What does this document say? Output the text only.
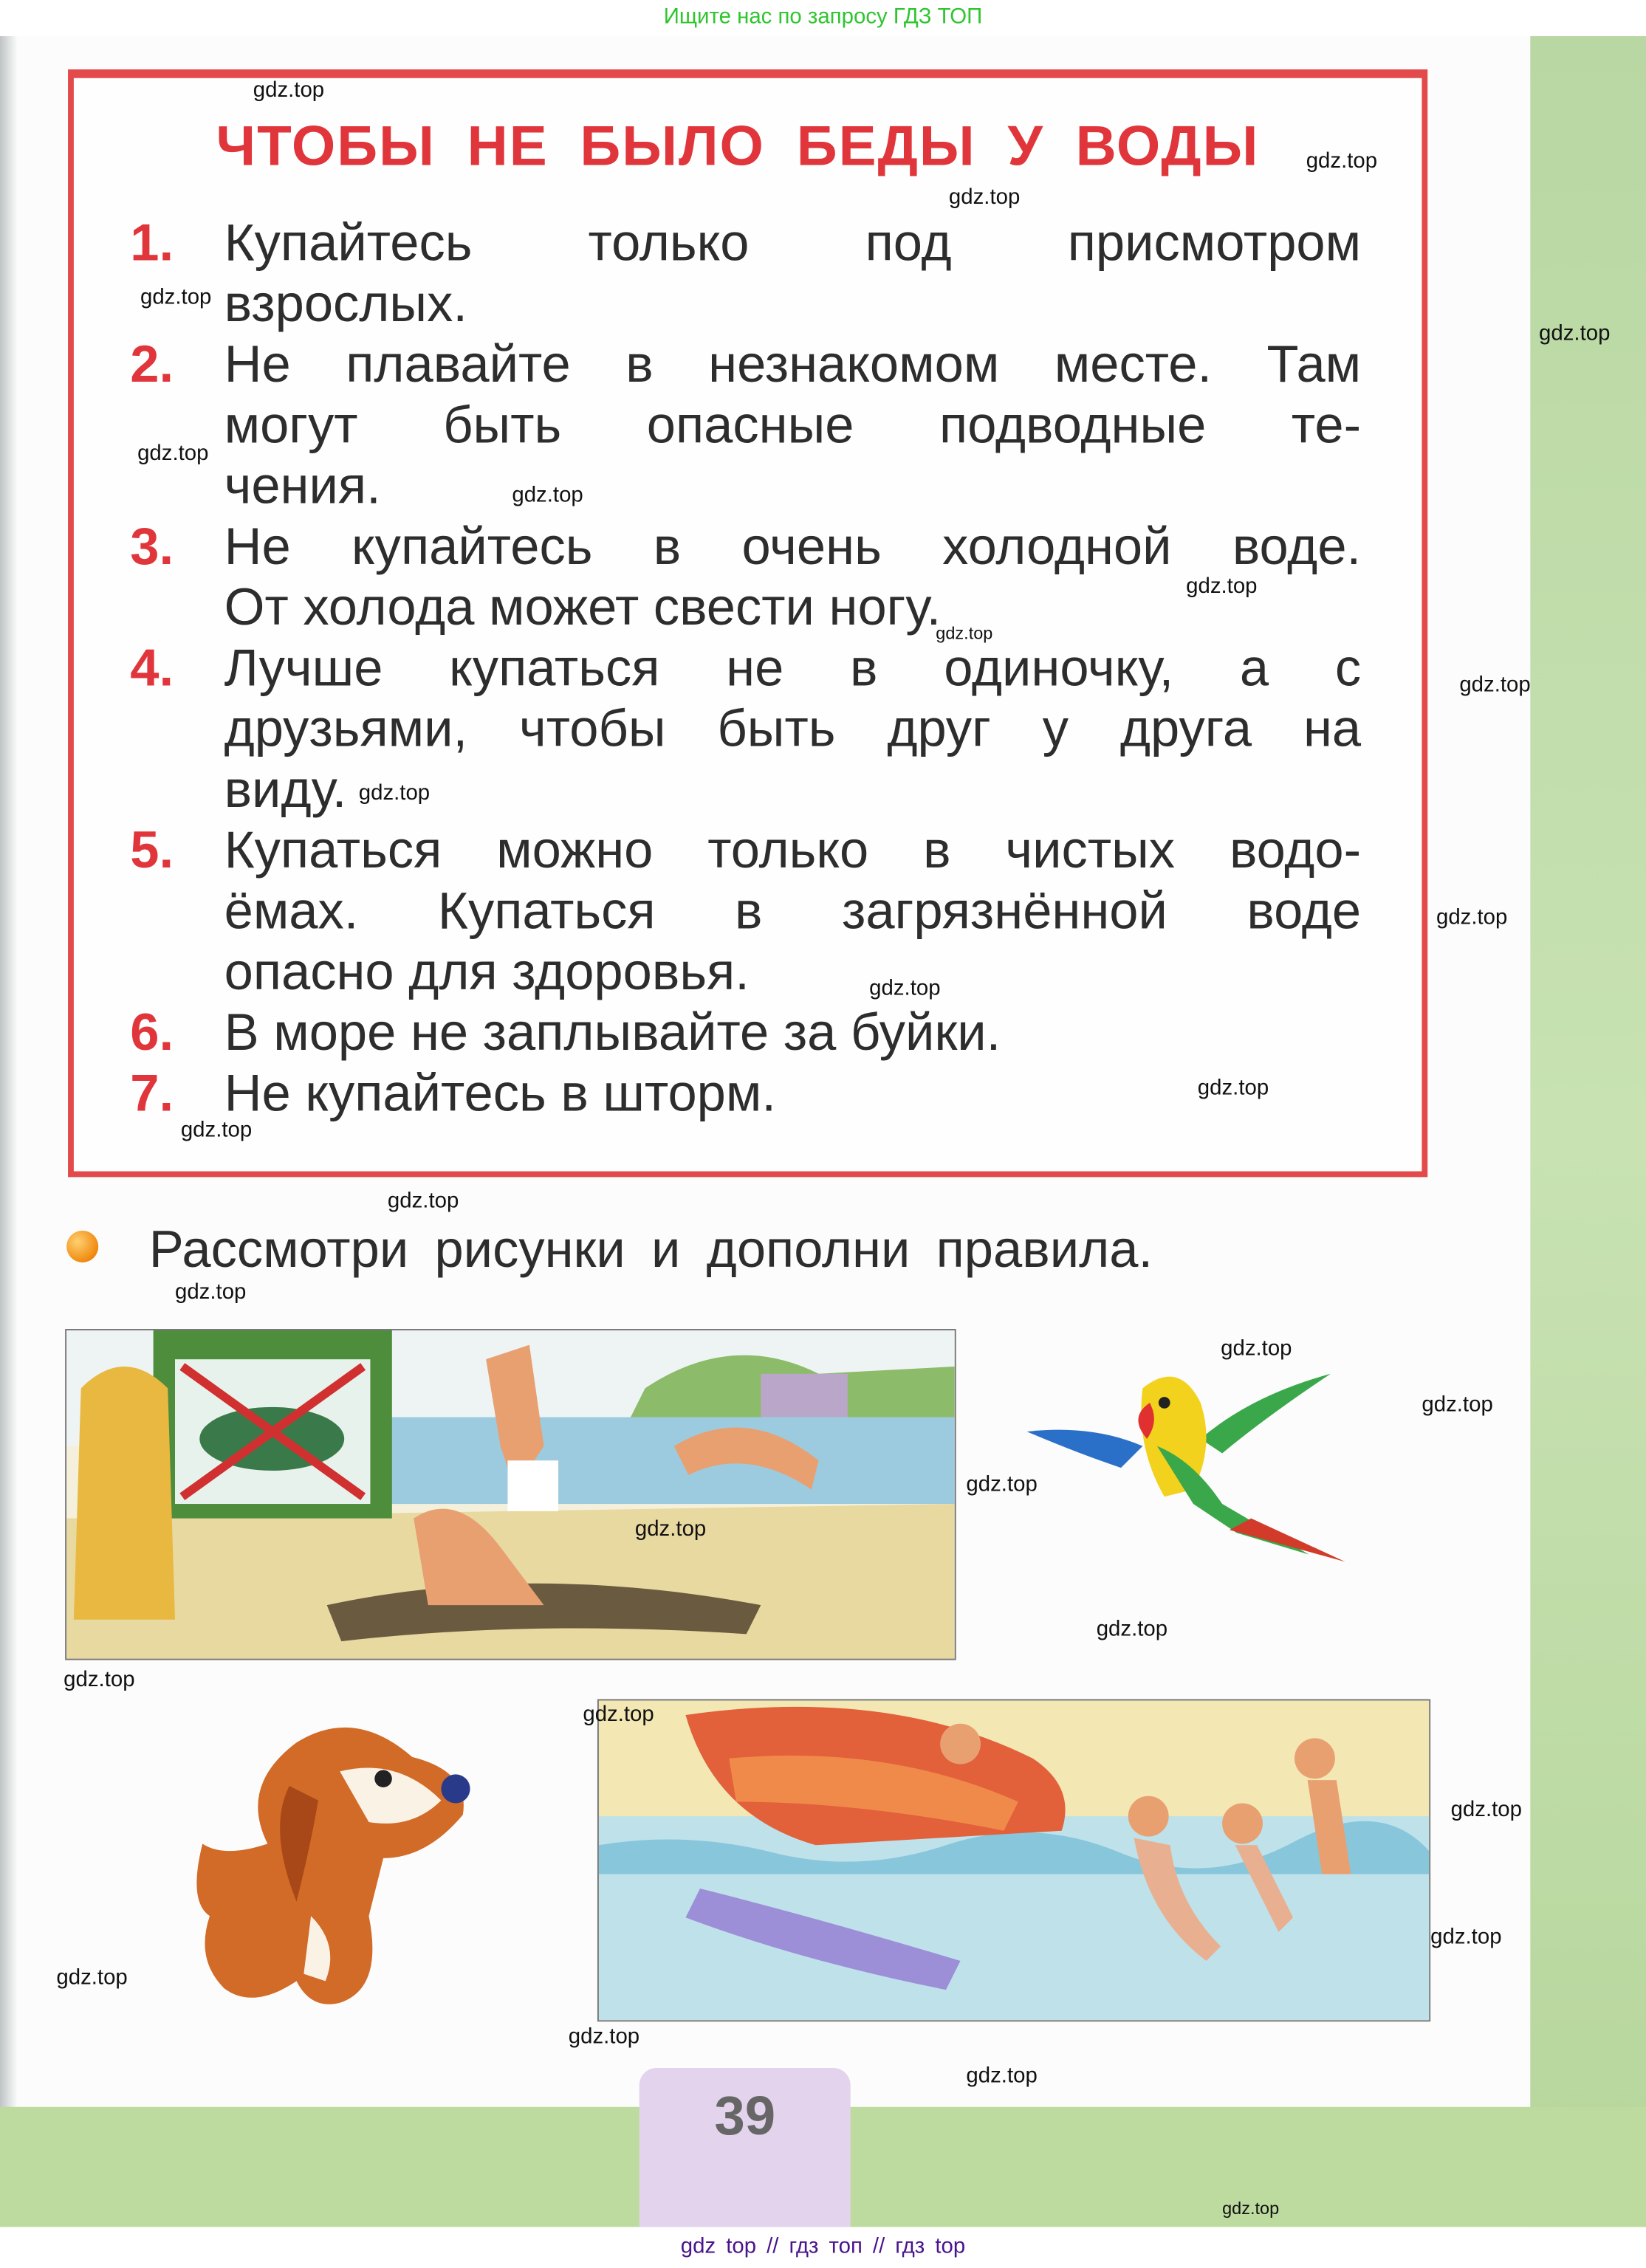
Ищите нас по запросу ГДЗ ТОП
ЧТОБЫ НЕ БЫЛО БЕДЫ У ВОДЫ
1. Купайтесь только под присмотром
взрослых.
2. Не плавайте в незнакомом месте. Там
могут быть опасные подводные те-
чения.
3. Не купайтесь в очень холодной воде.
От холода может свести ногу.
4. Лучше купаться не в одиночку, а с
друзьями, чтобы быть друг у друга на
виду.
5. Купаться можно только в чистых водо-
ёмах. Купаться в загрязнённой воде
опасно для здоровья.
6. В море не заплывайте за буйки.
7. Не купайтесь в шторм.
Рассмотри рисунки и дополни правила.
39
gdz top // гдз топ // гдз top
gdz.top
gdz.top
gdz.top
gdz.top
gdz.top
gdz.top
gdz.top
gdz.top
gdz.top
gdz.top
gdz.top
gdz.top
gdz.top
gdz.top
gdz.top
gdz.top
gdz.top
gdz.top
gdz.top
gdz.top
gdz.top
gdz.top
gdz.top
gdz.top
gdz.top
gdz.top
gdz.top
gdz.top
gdz.top
gdz.top
